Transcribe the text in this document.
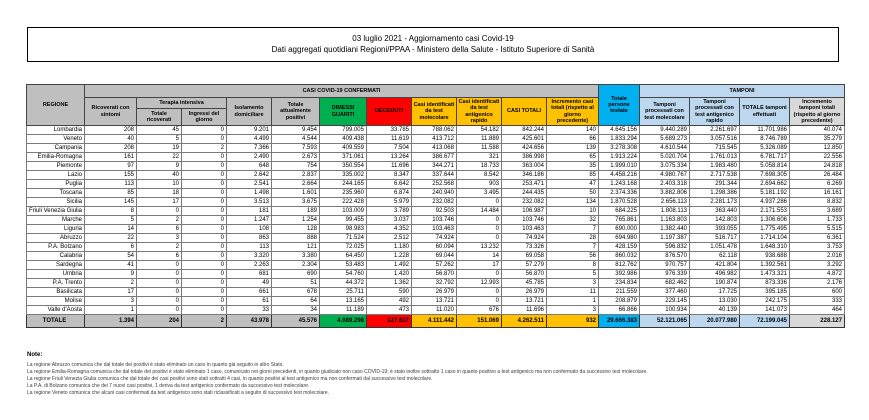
03 luglio 2021 - Aggiornamento casi Covid-19
Dati aggregati quotidiani Regioni/PPAA - Ministero della Salute - Istituto Superiore di Sanità
REGIONE	CASI COVID-19 CONFERMATI											Totale persone testate	TAMPONI			
	Ricoverati con sintomi	Terapia intensiva		Isolamento domiciliare	Totale attualmente positivi	DIMESSI GUARITI	DECEDUTI	Casi identificati da test molecolare	Casi identificati da test antigenico rapido	CASI TOTALI	Incremento casi totali (rispetto al giorno precedente)		Tamponi processati con test molecolare	Tamponi processati con test antigenico rapido	TOTALE tamponi effettuati	Incremento tamponi totali (rispetto al giorno precedente)
		Totale ricoverati	Ingressi del giorno													
Lombardia	208	45	0	9.201	9.454	799.005	33.785	788.062	54.182	842.244	140	4.645.156	9.440.289	2.261.697	11.701.986	40.074
Veneto	40	5	0	4.499	4.544	409.438	11.619	413.712	11.889	425.601	66	1.833.294	5.689.273	3.057.516	8.746.789	35.279
Campania	208	19	2	7.366	7.593	409.559	7.504	413.068	11.588	424.656	139	3.278.308	4.610.544	715.545	5.326.089	12.850
Emilia-Romagna	161	22	0	2.490	2.673	371.061	13.264	386.677	321	386.998	65	1.913.224	5.020.704	1.761.013	6.781.717	22.556
Piemonte	97	9	0	648	754	350.554	11.696	344.271	18.733	363.004	35	1.999.010	3.075.334	1.983.480	5.058.814	24.818
Lazio	155	40	0	2.642	2.837	335.002	8.347	337.644	8.542	346.186	85	4.458.216	4.980.767	2.717.538	7.698.305	26.484
Puglia	113	10	0	2.541	2.664	244.165	6.642	252.568	903	253.471	47	1.243.168	2.403.318	291.344	2.694.662	6.269
Toscana	85	18	0	1.498	1.601	235.960	6.874	240.940	3.495	244.435	50	2.374.336	3.882.806	1.298.386	5.181.192	16.161
Sicilia	145	17	0	3.513	3.675	222.428	5.979	232.082	0	232.082	134	1.870.528	2.656.113	2.281.173	4.937.286	8.832
Friuli Venezia Giulia	8	0	0	181	189	103.009	3.789	92.503	14.484	106.987	10	684.225	1.808.113	363.440	2.171.553	3.689
Marche	5	2	0	1.247	1.254	99.455	3.037	103.746	0	103.746	32	765.861	1.163.803	142.803	1.306.606	1.733
Liguria	14	6	0	108	128	98.983	4.352	103.463	0	103.463	7	690.000	1.382.440	393.055	1.775.495	5.515
Abruzzo	22	3	0	863	888	71.524	2.512	74.924	0	74.924	28	694.980	1.197.387	516.717	1.714.104	6.361
P.A. Bolzano	6	2	0	113	121	72.025	1.180	60.094	13.232	73.326	7	428.159	596.832	1.051.478	1.648.310	3.753
Calabria	54	6	0	3.320	3.380	64.450	1.228	69.044	14	69.058	56	860.032	876.570	62.118	938.688	2.016
Sardegna	41	0	0	2.263	2.304	53.483	1.492	57.262	17	57.279	8	812.762	970.757	421.804	1.392.561	3.292
Umbria	9	0	0	681	690	54.760	1.420	56.870	0	56.870	5	392.986	976.339	496.982	1.473.321	4.872
P.A. Trento	2	0	0	49	51	44.372	1.362	32.792	12.993	45.785	3	234.834	682.462	190.874	873.336	2.176
Basilicata	17	0	0	661	678	25.711	590	26.979	0	26.979	11	211.559	377.460	17.725	395.185	600
Molise	3	0	0	61	64	13.165	492	13.721	0	13.721	1	208.879	229.145	13.030	242.175	333
Valle d'Aosta	1	0	0	33	34	11.189	473	11.020	676	11.696	3	66.866	100.934	40.139	141.073	464
TOTALE	1.394	204	2	43.978	45.576	4.089.298	127.637	4.111.442	151.069	4.262.511	932	29.666.383	52.121.065	20.077.980	72.199.045	228.127
Note:
La regione Abruzzo comunica che dal totale dei positivi è stato eliminato un caso in quanto già seguito in altro Stato.
La regione Emilia-Romagna comunica che dal totale dei positivi è stato eliminato 1 caso, comunicato nei giorni precedenti, in quanto giudicato non caso COVID-19; è stato inoltre sottratto 1 caso in quanto positivo a test antigenico ma non confermato da successivo test molecolare.
La regione Friuli Venezia Giulia comunica che dal totale dei casi positivi sono stati sottratti 4 casi, in quanto positivi al test antigenico ma non confermati dal successivo test molecolare.
La P.A. di Bolzano comunica che dei 7 nuovi casi positivi, 1 deriva da test antigenico confermato da successivo test molecolare.
La regione Veneto comunica che alcuni casi confermati da test antigenico sono stati riclassificati a seguito di successivo test molecolare.
